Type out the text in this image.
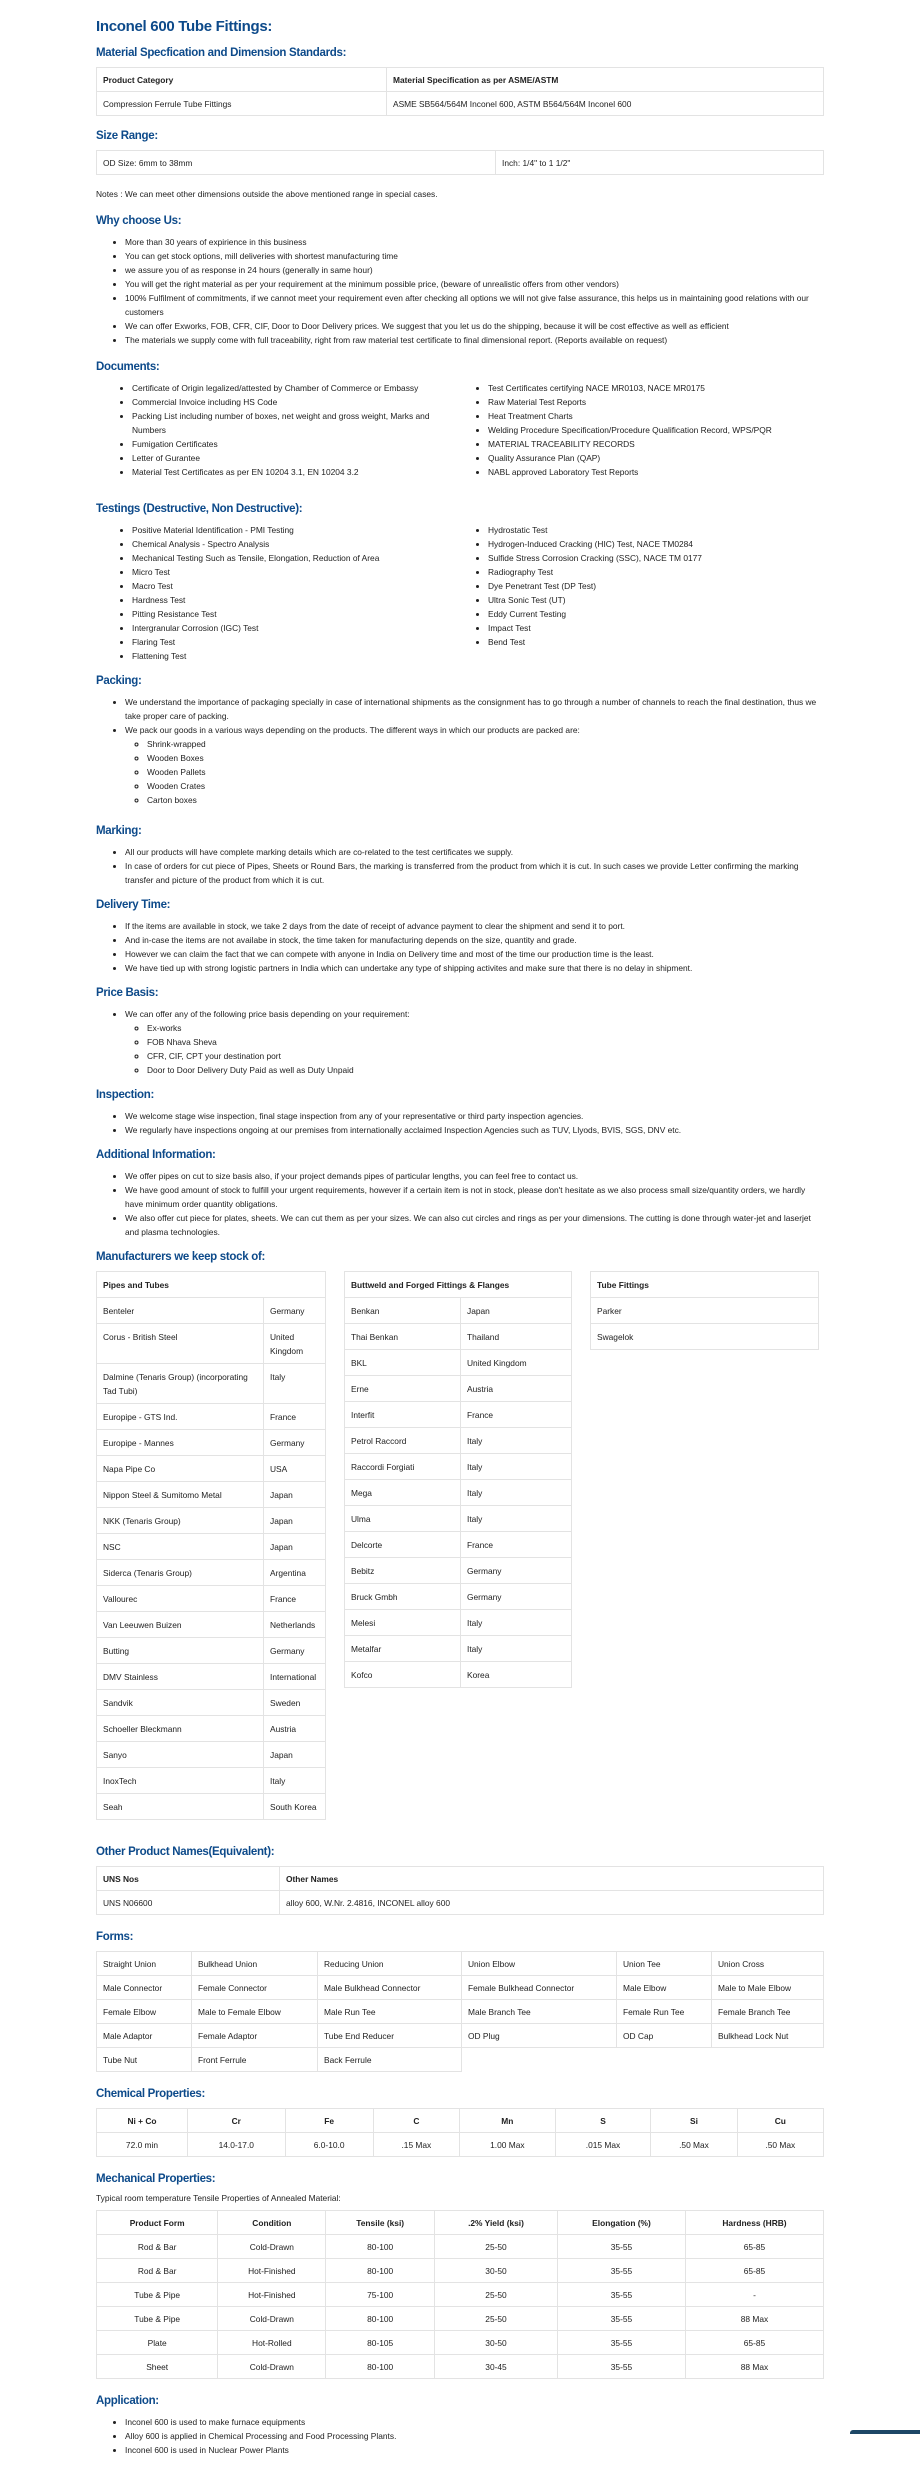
Inconel 600 Tube Fittings:
Material Specfication and Dimension Standards:
Product Category	Material Specification as per ASME/ASTM
Compression Ferrule Tube Fittings	ASME SB564/564M Inconel 600, ASTM B564/564M Inconel 600
Size Range:
OD Size: 6mm to 38mm	Inch: 1/4" to 1 1/2"

Notes : We can meet other dimensions outside the above mentioned range in special cases.

Why choose Us:
• More than 30 years of expirience in this business
• You can get stock options, mill deliveries with shortest manufacturing time
• we assure you of as response in 24 hours (generally in same hour)
• You will get the right material as per your requirement at the minimum possible price, (beware of unrealistic offers from other vendors)
• 100% Fulfilment of commitments, if we cannot meet your requirement even after checking all options we will not give false assurance, this helps us in maintaining good relations with our customers
• We can offer Exworks, FOB, CFR, CIF, Door to Door Delivery prices. We suggest that you let us do the shipping, because it will be cost effective as well as efficient
• The materials we supply come with full traceability, right from raw material test certificate to final dimensional report. (Reports available on request)
Documents:
• Certificate of Origin legalized/attested by Chamber of Commerce or Embassy
• Commercial Invoice including HS Code
• Packing List including number of boxes, net weight and gross weight, Marks and Numbers
• Fumigation Certificates
• Letter of Gurantee
• Material Test Certificates as per EN 10204 3.1, EN 10204 3.2
• Test Certificates certifying NACE MR0103, NACE MR0175
• Raw Material Test Reports
• Heat Treatment Charts
• Welding Procedure Specification/Procedure Qualification Record, WPS/PQR
• MATERIAL TRACEABILITY RECORDS
• Quality Assurance Plan (QAP)
• NABL approved Laboratory Test Reports
Testings (Destructive, Non Destructive):
• Positive Material Identification - PMI Testing
• Chemical Analysis - Spectro Analysis
• Mechanical Testing Such as Tensile, Elongation, Reduction of Area
• Micro Test
• Macro Test
• Hardness Test
• Pitting Resistance Test
• Intergranular Corrosion (IGC) Test
• Flaring Test
• Flattening Test
• Hydrostatic Test
• Hydrogen-Induced Cracking (HIC) Test, NACE TM0284
• Sulfide Stress Corrosion Cracking (SSC), NACE TM 0177
• Radiography Test
• Dye Penetrant Test (DP Test)
• Ultra Sonic Test (UT)
• Eddy Current Testing
• Impact Test
• Bend Test
Packing:
• We understand the importance of packaging specially in case of international shipments as the consignment has to go through a number of channels to reach the final destination, thus we take proper care of packing.
• We pack our goods in a various ways depending on the products. The different ways in which our products are packed are:
◦ Shrink-wrapped
◦ Wooden Boxes
◦ Wooden Pallets
◦ Wooden Crates
◦ Carton boxes
Marking:
• All our products will have complete marking details which are co-related to the test certificates we supply.
• In case of orders for cut piece of Pipes, Sheets or Round Bars, the marking is transferred from the product from which it is cut. In such cases we provide Letter confirming the marking transfer and picture of the product from which it is cut.
Delivery Time:
• If the items are available in stock, we take 2 days from the date of receipt of advance payment to clear the shipment and send it to port.
• And in-case the items are not availabe in stock, the time taken for manufacturing depends on the size, quantity and grade.
• However we can claim the fact that we can compete with anyone in India on Delivery time and most of the time our production time is the least.
• We have tied up with strong logistic partners in India which can undertake any type of shipping activites and make sure that there is no delay in shipment.
Price Basis:
• We can offer any of the following price basis depending on your requirement:
◦ Ex-works
◦ FOB Nhava Sheva
◦ CFR, CIF, CPT your destination port
◦ Door to Door Delivery Duty Paid as well as Duty Unpaid
Inspection:
• We welcome stage wise inspection, final stage inspection from any of your representative or third party inspection agencies.
• We regularly have inspections ongoing at our premises from internationally acclaimed Inspection Agencies such as TUV, Llyods, BVIS, SGS, DNV etc.
Additional Information:
• We offer pipes on cut to size basis also, if your project demands pipes of particular lengths, you can feel free to contact us.
• We have good amount of stock to fulfill your urgent requirements, however if a certain item is not in stock, please don't hesitate as we also process small size/quantity orders, we hardly have minimum order quantity obligations.
• We also offer cut piece for plates, sheets. We can cut them as per your sizes. We can also cut circles and rings as per your dimensions. The cutting is done through water-jet and laserjet and plasma technologies.
Manufacturers we keep stock of:
Pipes and Tubes	
Benteler	Germany
Corus - British Steel	United Kingdom
Dalmine (Tenaris Group) (incorporating Tad Tubi)	Italy
Europipe - GTS Ind.	France
Europipe - Mannes	Germany
Napa Pipe Co	USA
Nippon Steel & Sumitomo Metal	Japan
NKK (Tenaris Group)	Japan
NSC	Japan
Siderca (Tenaris Group)	Argentina
Vallourec	France
Van Leeuwen Buizen	Netherlands
Butting	Germany
DMV Stainless	International
Sandvik	Sweden
Schoeller Bleckmann	Austria
Sanyo	Japan
InoxTech	Italy
Seah	South Korea
Buttweld and Forged Fittings & Flanges	
Benkan	Japan
Thai Benkan	Thailand
BKL	United Kingdom
Erne	Austria
Interfit	France
Petrol Raccord	Italy
Raccordi Forgiati	Italy
Mega	Italy
Ulma	Italy
Delcorte	France
Bebitz	Germany
Bruck Gmbh	Germany
Melesi	Italy
Metalfar	Italy
Kofco	Korea
Tube Fittings
Parker
Swagelok
Other Product Names(Equivalent):
UNS Nos	Other Names
UNS N06600	alloy 600, W.Nr. 2.4816, INCONEL alloy 600
Forms:
Straight Union	Bulkhead Union	Reducing Union	Union Elbow	Union Tee	Union Cross
Male Connector	Female Connector	Male Bulkhead Connector	Female Bulkhead Connector	Male Elbow	Male to Male Elbow
Female Elbow	Male to Female Elbow	Male Run Tee	Male Branch Tee	Female Run Tee	Female Branch Tee
Male Adaptor	Female Adaptor	Tube End Reducer	OD Plug	OD Cap	Bulkhead Lock Nut
Tube Nut	Front Ferrule	Back Ferrule			
Chemical Properties:
Ni + Co	Cr	Fe	C	Mn	S	Si	Cu
72.0 min	14.0-17.0	6.0-10.0	.15 Max	1.00 Max	.015 Max	.50 Max	.50 Max
Mechanical Properties:

Typical room temperature Tensile Properties of Annealed Material:

Product Form	Condition	Tensile (ksi)	.2% Yield (ksi)	Elongation (%)	Hardness (HRB)
Rod & Bar	Cold-Drawn	80-100	25-50	35-55	65-85
Rod & Bar	Hot-Finished	80-100	30-50	35-55	65-85
Tube & Pipe	Hot-Finished	75-100	25-50	35-55	-
Tube & Pipe	Cold-Drawn	80-100	25-50	35-55	88 Max
Plate	Hot-Rolled	80-105	30-50	35-55	65-85
Sheet	Cold-Drawn	80-100	30-45	35-55	88 Max
Application:
• Inconel 600 is used to make furnace equipments
• Alloy 600 is applied in Chemical Processing and Food Processing Plants.
• Inconel 600 is used in Nuclear Power Plants
